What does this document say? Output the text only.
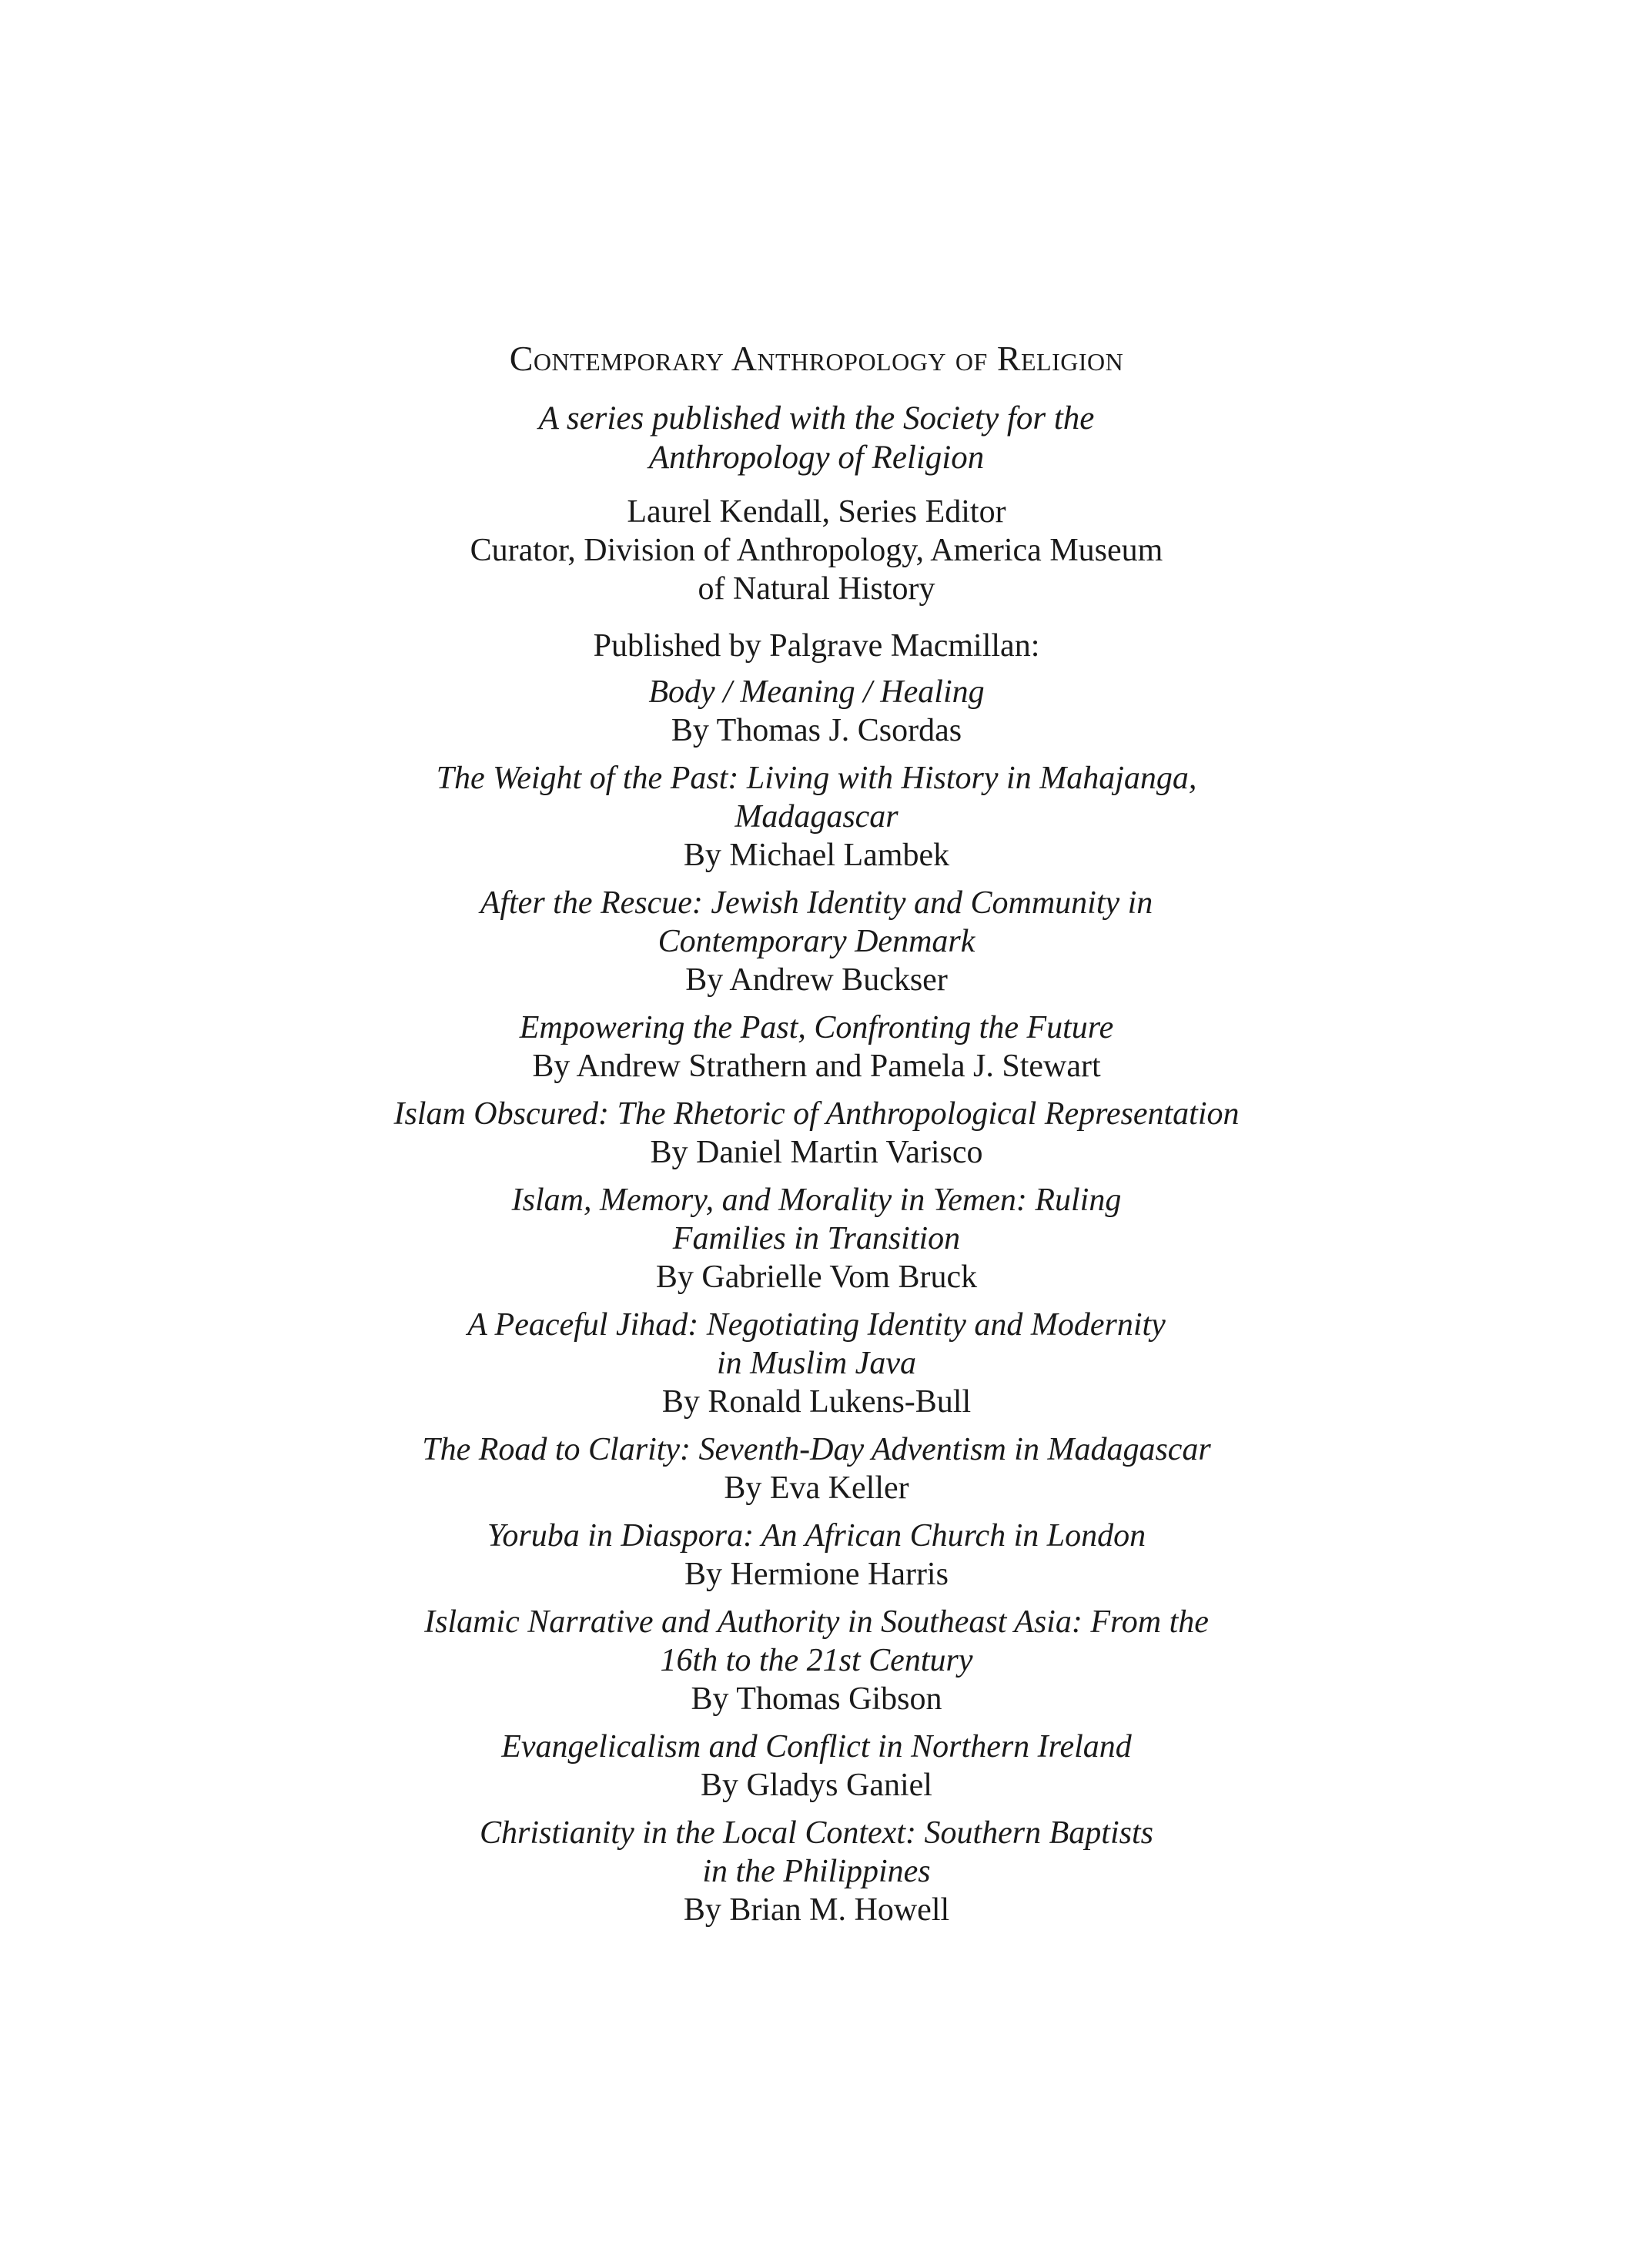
Contemporary Anthropology of Religion
A series published with the Society for the
Anthropology of Religion
Laurel Kendall, Series Editor
Curator, Division of Anthropology, America Museum
of Natural History
Published by Palgrave Macmillan:
Body / Meaning / Healing
By Thomas J. Csordas
The Weight of the Past: Living with History in Mahajanga,
Madagascar
By Michael Lambek
After the Rescue: Jewish Identity and Community in
Contemporary Denmark
By Andrew Buckser
Empowering the Past, Confronting the Future
By Andrew Strathern and Pamela J. Stewart
Islam Obscured: The Rhetoric of Anthropological Representation
By Daniel Martin Varisco
Islam, Memory, and Morality in Yemen: Ruling
Families in Transition
By Gabrielle Vom Bruck
A Peaceful Jihad: Negotiating Identity and Modernity
in Muslim Java
By Ronald Lukens-Bull
The Road to Clarity: Seventh-Day Adventism in Madagascar
By Eva Keller
Yoruba in Diaspora: An African Church in London
By Hermione Harris
Islamic Narrative and Authority in Southeast Asia: From the
16th to the 21st Century
By Thomas Gibson
Evangelicalism and Conflict in Northern Ireland
By Gladys Ganiel
Christianity in the Local Context: Southern Baptists
in the Philippines
By Brian M. Howell
